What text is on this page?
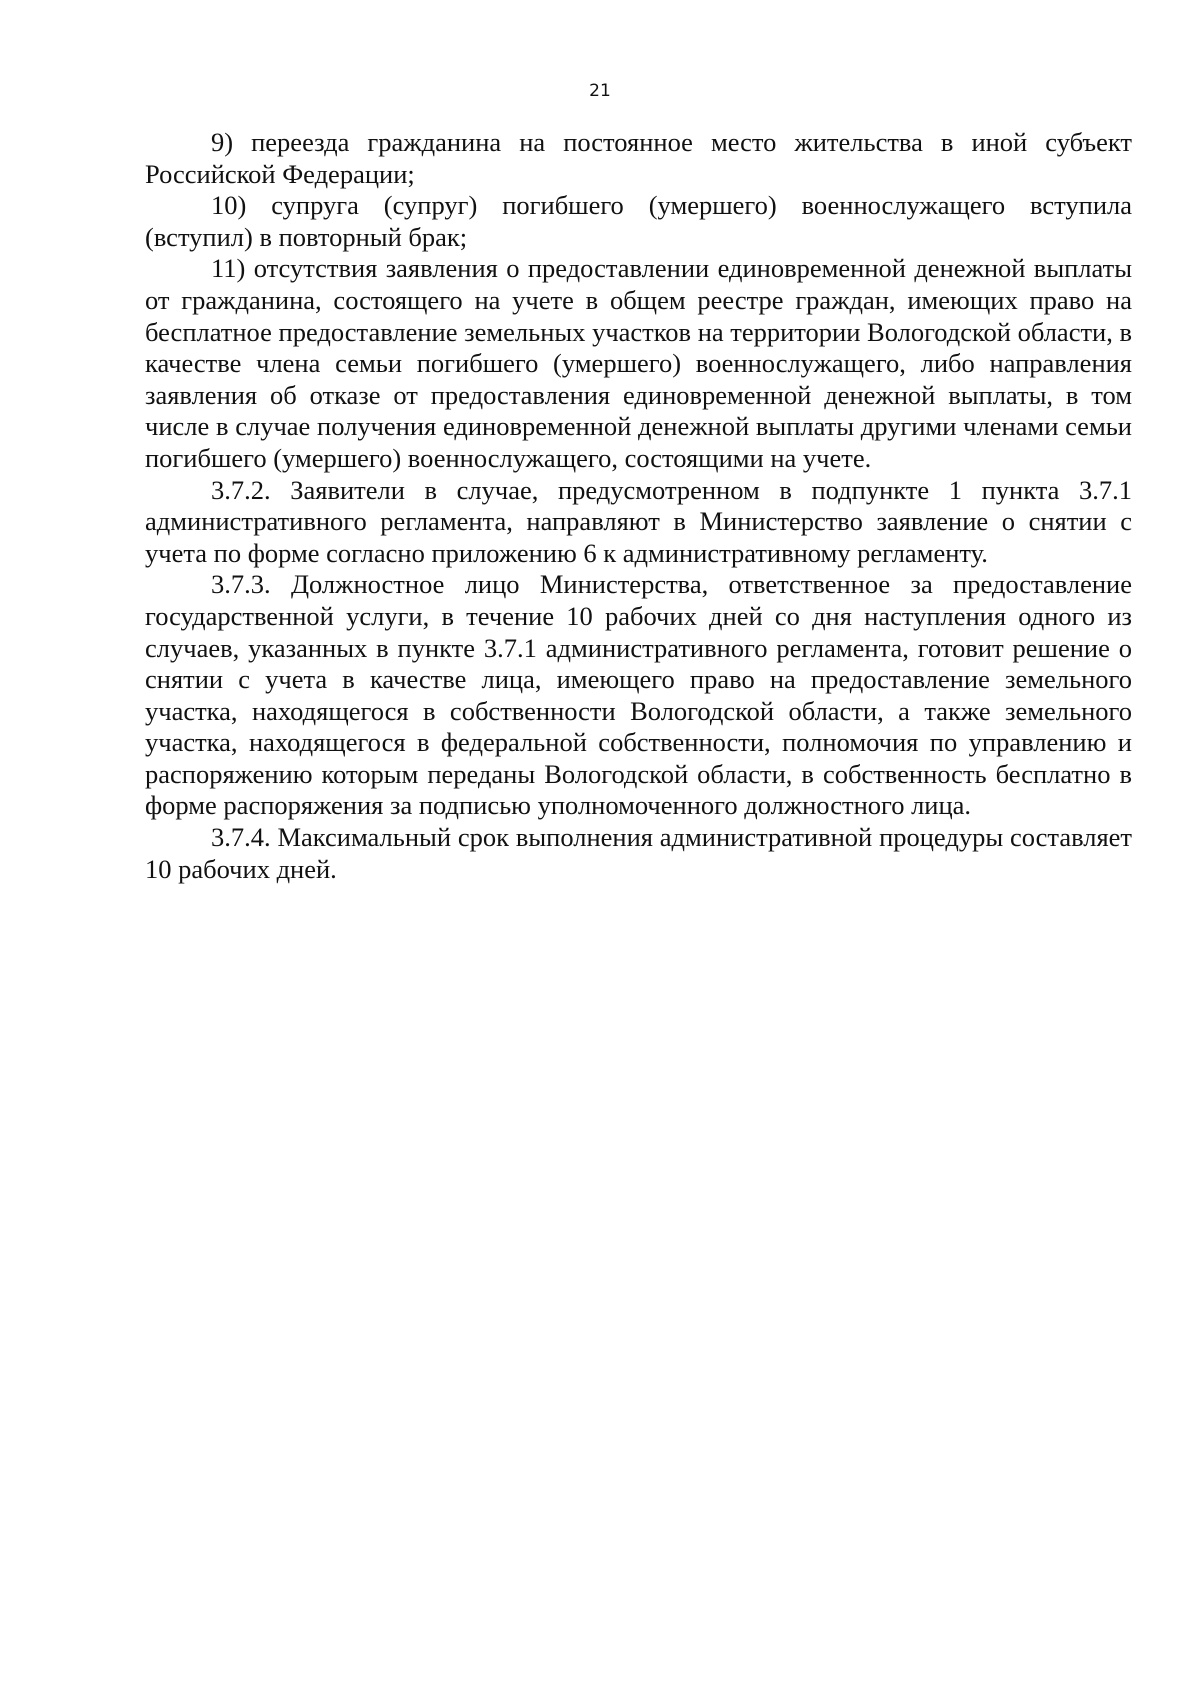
21

9) переезда гражданина на постоянное место жительства в иной субъект Российской Федерации;

10) супруга (супруг) погибшего (умершего) военнослужащего вступила (вступил) в повторный брак;

11) отсутствия заявления о предоставлении единовременной денежной выплаты от гражданина, состоящего на учете в общем реестре граждан, имеющих право на бесплатное предоставление земельных участков на территории Вологодской области, в качестве члена семьи погибшего (умершего) военнослужащего, либо направления заявления об отказе от предоставления единовременной денежной выплаты, в том числе в случае получения единовременной денежной выплаты другими членами семьи погибшего (умершего) военнослужащего, состоящими на учете.

3.7.2. Заявители в случае, предусмотренном в подпункте 1 пункта 3.7.1 административного регламента, направляют в Министерство заявление о снятии с учета по форме согласно приложению 6 к административному регламенту.

3.7.3. Должностное лицо Министерства, ответственное за предоставление государственной услуги, в течение 10 рабочих дней со дня наступления одного из случаев, указанных в пункте 3.7.1 административного регламента, готовит решение о снятии с учета в качестве лица, имеющего право на предоставление земельного участка, находящегося в собственности Вологодской области, а также земельного участка, находящегося в федеральной собственности, полномочия по управлению и распоряжению которым переданы Вологодской области, в собственность бесплатно в форме распоряжения за подписью уполномоченного должностного лица.

3.7.4. Максимальный срок выполнения административной процедуры составляет 10 рабочих дней.
